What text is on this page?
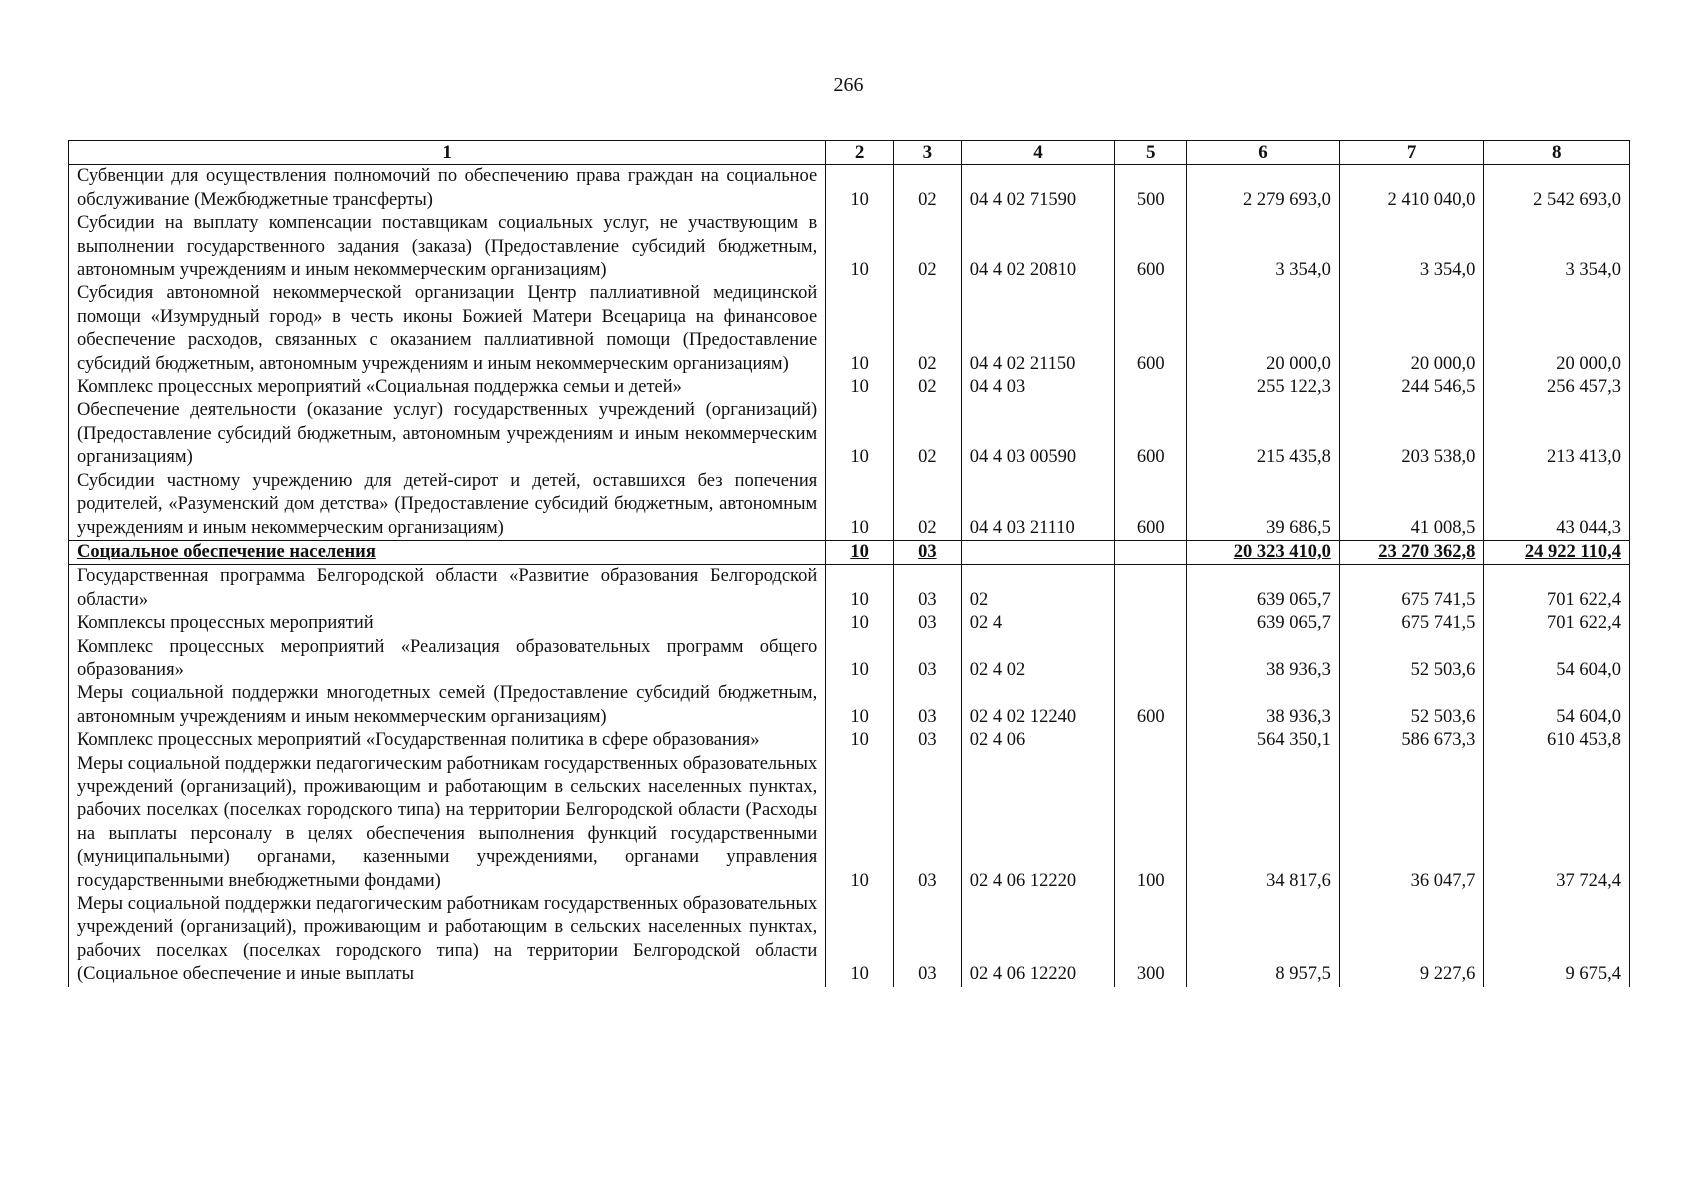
266
1	2	3	4	5	6	7	8
Субвенции для осуществления полномочий по обеспечению права граждан на социальное обслуживание (Межбюджетные трансферты)	10	02	04 4 02 71590	500	2 279 693,0	2 410 040,0	2 542 693,0
Субсидии на выплату компенсации поставщикам социальных услуг, не участвующим в выполнении государственного задания (заказа) (Предоставление субсидий бюджетным, автономным учреждениям и иным некоммерческим организациям)	10	02	04 4 02 20810	600	3 354,0	3 354,0	3 354,0
Субсидия автономной некоммерческой организации Центр паллиативной медицинской помощи «Изумрудный город» в честь иконы Божией Матери Всецарица на финансовое обеспечение расходов, связанных с оказанием паллиативной помощи (Предоставление субсидий бюджетным, автономным учреждениям и иным некоммерческим организациям)	10	02	04 4 02 21150	600	20 000,0	20 000,0	20 000,0
Комплекс процессных мероприятий «Социальная поддержка семьи и детей»	10	02	04 4 03		255 122,3	244 546,5	256 457,3
Обеспечение деятельности (оказание услуг) государственных учреждений (организаций) (Предоставление субсидий бюджетным, автономным учреждениям и иным некоммерческим организациям)	10	02	04 4 03 00590	600	215 435,8	203 538,0	213 413,0
Субсидии частному учреждению для детей-сирот и детей, оставшихся без попечения родителей, «Разуменский дом детства» (Предоставление субсидий бюджетным, автономным учреждениям и иным некоммерческим организациям)	10	02	04 4 03 21110	600	39 686,5	41 008,5	43 044,3
Социальное обеспечение населения	10	03			20 323 410,0	23 270 362,8	24 922 110,4
Государственная программа Белгородской области «Развитие образования Белгородской области»	10	03	02		639 065,7	675 741,5	701 622,4
Комплексы процессных мероприятий	10	03	02 4		639 065,7	675 741,5	701 622,4
Комплекс процессных мероприятий «Реализация образовательных программ общего образования»	10	03	02 4 02		38 936,3	52 503,6	54 604,0
Меры социальной поддержки многодетных семей (Предоставление субсидий бюджетным, автономным учреждениям и иным некоммерческим организациям)	10	03	02 4 02 12240	600	38 936,3	52 503,6	54 604,0
Комплекс процессных мероприятий «Государственная политика в сфере образования»	10	03	02 4 06		564 350,1	586 673,3	610 453,8
Меры социальной поддержки педагогическим работникам государственных образовательных учреждений (организаций), проживающим и работающим в сельских населенных пунктах, рабочих поселках (поселках городского типа) на территории Белгородской области (Расходы на выплаты персоналу в целях обеспечения выполнения функций государственными (муниципальными) органами, казенными учреждениями, органами управления государственными внебюджетными фондами)	10	03	02 4 06 12220	100	34 817,6	36 047,7	37 724,4
Меры социальной поддержки педагогическим работникам государственных образовательных учреждений (организаций), проживающим и работающим в сельских населенных пунктах, рабочих поселках (поселках городского типа) на территории Белгородской области (Социальное обеспечение и иные выплаты	10	03	02 4 06 12220	300	8 957,5	9 227,6	9 675,4
